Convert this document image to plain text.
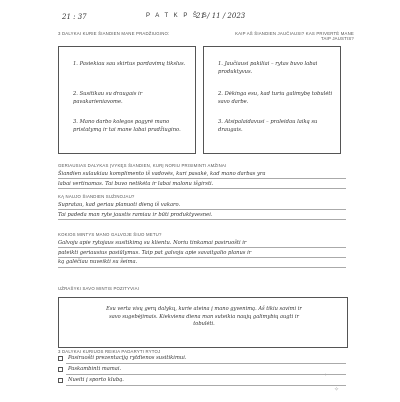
21 : 37	P A T K P Š S
21 / 11 / 2023
3 DALYKAI KURIE ŠIANDIEN MANE PRADŽIUGINO:	KAIP AŠ ŠIANDIEN JAUČIAUSI? KAS PRIVERTĖ MANE TAIP JAUSTIS?
1. Pasiekiau sau skirtus pardavimų tikslus.
2. Susitikau su draugais ir pavakarieniavome.
3. Mano darbo kolegos pagyrė mano pristatymą ir tai mane labai pradžiugino.
1. Jaučiausi pakiliai – rytas buvo labai produktyvus.
2. Dėkinga esu, kad turiu galimybę tobulėti savo darbe.
3. Atsipalaidavusi – praleidau laiką su draugais.
GERIAUSIAS DALYKAS ĮVYKĘS ŠIANDIEN, KURĮ NORIU PRISIMINTI AMŽINAI
Šiandien sulaukiau komplimento iš vadovės, kuri pasakė, kad mano darbas yra
labai vertinamas. Tai buvo netikėta ir labai malonu išgirsti.
KĄ NAUJO ŠIANDIEN SUŽINOJAU?
Supratau, kad geriau planuoti dieną iš vakaro.
Tai padeda man ryte jaustis ramiau ir būti produktyvesnei.
KOKIOS MINTYS MANO GALVOJE ŠIUO METU?
Galvoju apie rytojaus susitikimą su klientu. Noriu tinkamai pasiruošti ir
pateikti geriausius pasiūlymus. Taip pat galvoju apie savaitgalio planus ir
ką galėčiau nuveikti su šeima.
UŽRAŠYKI SAVO MINTIS POZITYVIAI
Esu verta visų gerų dalykų, kurie ateina į mano gyvenimą. Aš tikiu savimi ir
savo sugebėjimais. Kiekviena diena man suteikia naujų galimybių augti ir
tobulėti.
3 DALYKAI KURIUOS REIKIA PADARYTI RYTOJ
Pasiruošti prezentaciją rytdienos susitikimui.
Paskambinti mamai.
Nueiti į sporto klubą.
✧
✦
